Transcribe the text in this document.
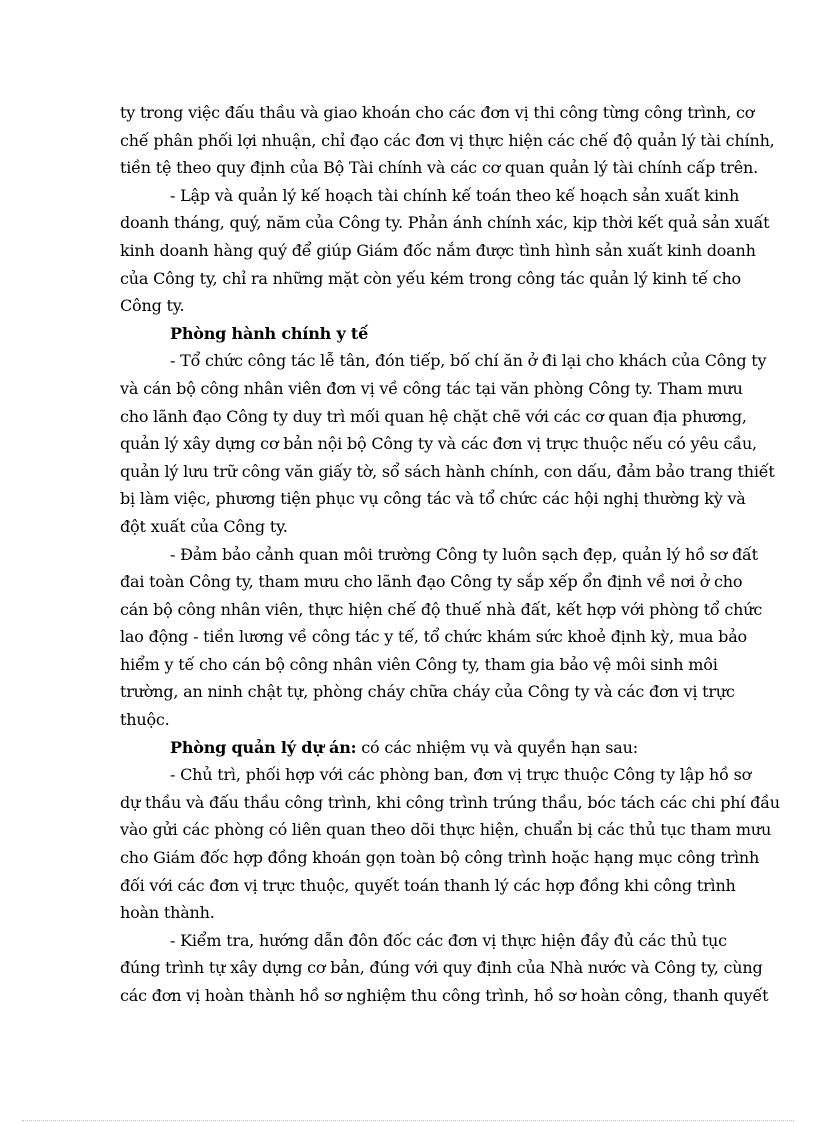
ty trong việc đấu thầu và giao khoán cho các đơn vị thi công từng công trình, cơ
chế phân phối lợi nhuận, chỉ đạo các đơn vị thực hiện các chế độ quản lý tài chính,
tiền tệ theo quy định của Bộ Tài chính và các cơ quan quản lý tài chính cấp trên.
- Lập và quản lý kế hoạch tài chính kế toán theo kế hoạch sản xuất kinh
doanh tháng, quý, năm của Công ty. Phản ánh chính xác, kịp thời kết quả sản xuất
kinh doanh hàng quý để giúp Giám đốc nắm được tình hình sản xuất kinh doanh
của Công ty, chỉ ra những mặt còn yếu kém trong công tác quản lý kinh tế cho
Công ty.
Phòng hành chính y tế
- Tổ chức công tác lễ tân, đón tiếp, bố chí ăn ở đi lại cho khách của Công ty
và cán bộ công nhân viên đơn vị về công tác tại văn phòng Công ty. Tham mưu
cho lãnh đạo Công ty duy trì mối quan hệ chặt chẽ với các cơ quan địa phương,
quản lý xây dựng cơ bản nội bộ Công ty và các đơn vị trực thuộc nếu có yêu cầu,
quản lý lưu trữ công văn giấy tờ, sổ sách hành chính, con dấu, đảm bảo trang thiết
bị làm việc, phương tiện phục vụ công tác và tổ chức các hội nghị thường kỳ và
đột xuất của Công ty.
- Đảm bảo cảnh quan môi trường Công ty luôn sạch đẹp, quản lý hồ sơ đất
đai toàn Công ty, tham mưu cho lãnh đạo Công ty sắp xếp ổn định về nơi ở cho
cán bộ công nhân viên, thực hiện chế độ thuế nhà đất, kết hợp với phòng tổ chức
lao động - tiền lương về công tác y tế, tổ chức khám sức khoẻ định kỳ, mua bảo
hiểm y tế cho cán bộ công nhân viên Công ty, tham gia bảo vệ môi sinh môi
trường, an ninh chật tự, phòng cháy chữa cháy của Công ty và các đơn vị trực
thuộc.
Phòng quản lý dự án: có các nhiệm vụ và quyền hạn sau:
- Chủ trì, phối hợp với các phòng ban, đơn vị trực thuộc Công ty lập hồ sơ
dự thầu và đấu thầu công trình, khi công trình trúng thầu, bóc tách các chi phí đầu
vào gửi các phòng có liên quan theo dõi thực hiện, chuẩn bị các thủ tục tham mưu
cho Giám đốc hợp đồng khoán gọn toàn bộ công trình hoặc hạng mục công trình
đối với các đơn vị trực thuộc, quyết toán thanh lý các hợp đồng khi công trình
hoàn thành.
- Kiểm tra, hướng dẫn đôn đốc các đơn vị thực hiện đầy đủ các thủ tục
đúng trình tự xây dựng cơ bản, đúng với quy định của Nhà nước và Công ty, cùng
các đơn vị hoàn thành hồ sơ nghiệm thu công trình, hồ sơ hoàn công, thanh quyết
